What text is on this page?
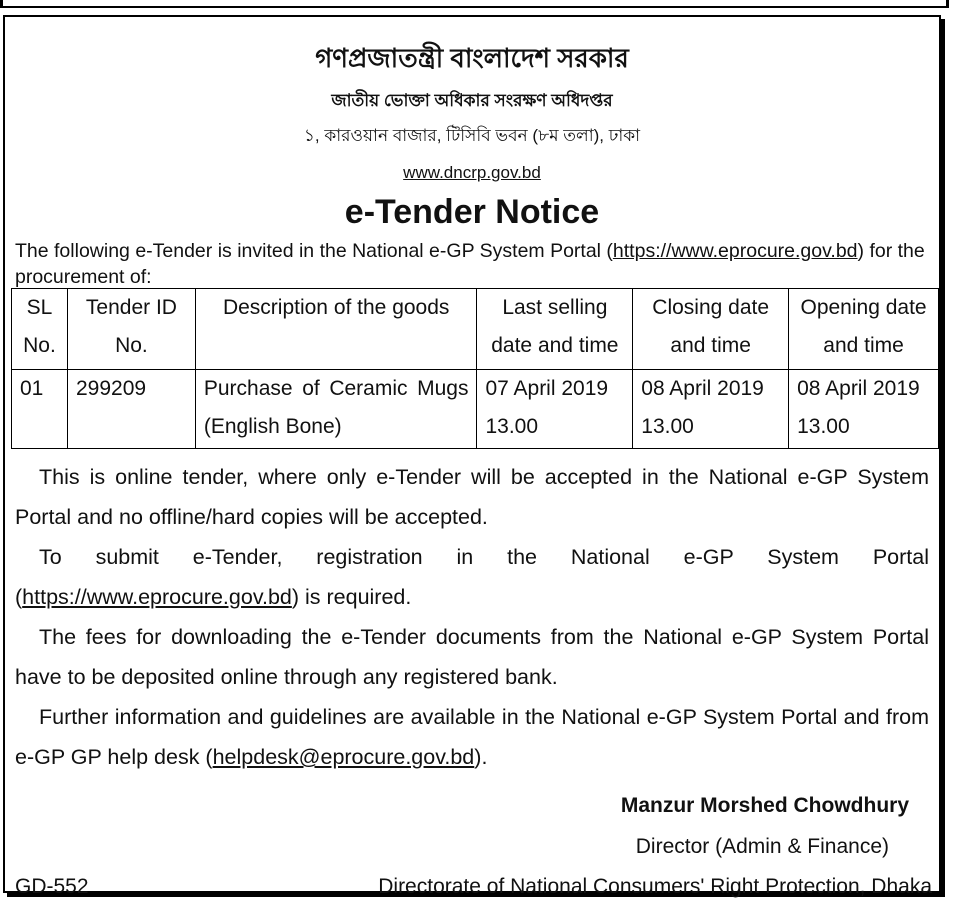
গণপ্রজাতন্ত্রী বাংলাদেশ সরকার
জাতীয় ভোক্তা অধিকার সংরক্ষণ অধিদপ্তর
১, কারওয়ান বাজার, টিসিবি ভবন (৮ম তলা), ঢাকা
www.dncrp.gov.bd
e-Tender Notice
The following e-Tender is invited in the National e-GP System Portal (https://www.eprocure.gov.bd) for the procurement of:
SL No.	Tender ID No.	Description of the goods	Last selling date and time	Closing date and time	Opening date and time
01	299209	Purchase of Ceramic Mugs (English Bone)	07 April 2019 13.00	08 April 2019 13.00	08 April 2019 13.00

This is online tender, where only e-Tender will be accepted in the National e-GP System Portal and no offline/hard copies will be accepted.

To submit e-Tender, registration in the National e-GP System Portal (https://www.eprocure.gov.bd) is required.

The fees for downloading the e-Tender documents from the National e-GP System Portal have to be deposited online through any registered bank.

Further information and guidelines are available in the National e-GP System Portal and from e-GP GP help desk (helpdesk@eprocure.gov.bd).

Manzur Morshed Chowdhury
Director (Admin & Finance)
GD-552	Directorate of National Consumers' Right Protection, Dhaka
